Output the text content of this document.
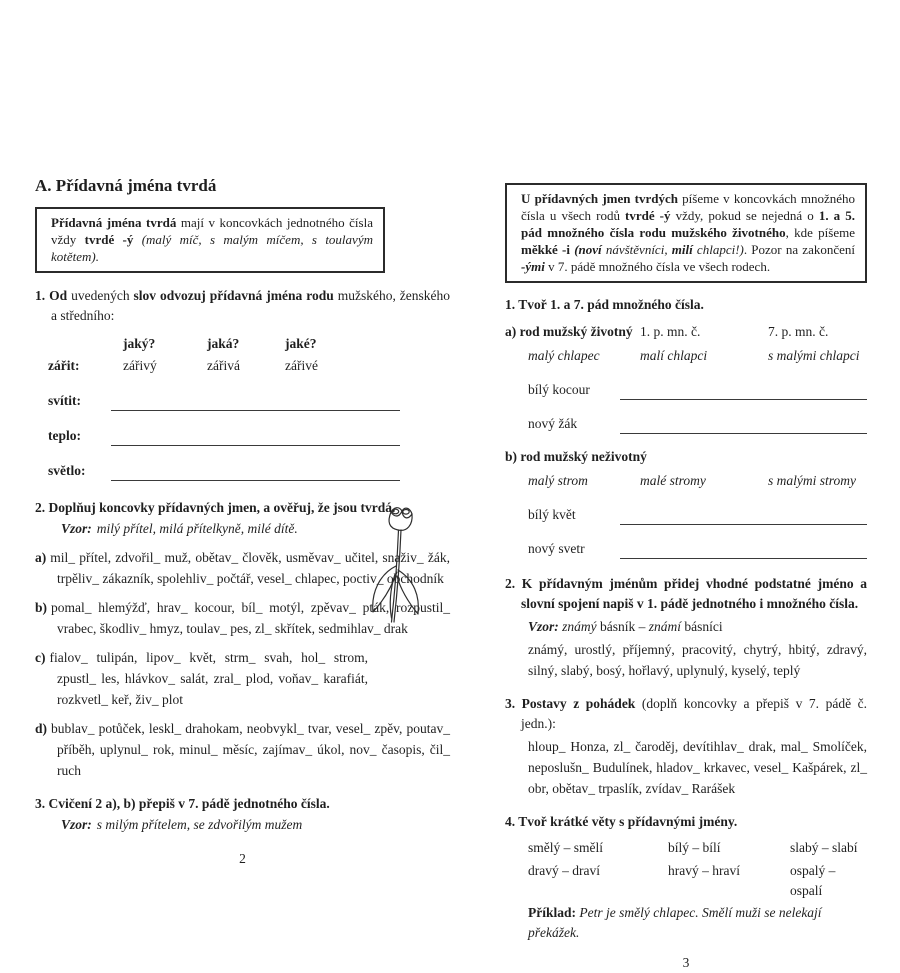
A. Přídavná jména tvrdá
Přídavná jména tvrdá mají v koncovkách jednotného čísla vždy tvrdé -ý (malý míč, s malým míčem, s toulavým kotětem).
1. Od uvedených slov odvozuj přídavná jména rodu mužského, ženského a středního:
jaký?	jaká?	jaké?
zářit:	zářivý	zářivá	zářivé
svítit:
teplo:
světlo:
2. Doplňuj koncovky přídavných jmen, a ověřuj, že jsou tvrdá.
Vzor: milý přítel, milá přítelkyně, milé dítě.
a) mil_ přítel, zdvořil_ muž, obětav_ člověk, usměvav_ učitel, snaživ_ žák, trpěliv_ zákazník, spolehliv_ počtář, vesel_ chlapec, poctiv_ obchodník
b) pomal_ hlemýžď, hrav_ kocour, bíl_ motýl, zpěvav_ pták, rozpustil_ vrabec, škodliv_ hmyz, toulav_ pes, zl_ skřítek, sedmihlav_ drak
c) fialov_ tulipán, lipov_ květ, strm_ svah, hol_ strom, zpustl_ les, hlávkov_ salát, zral_ plod, voňav_ karafiát, rozkvetl_ keř, živ_ plot
d) bublav_ potůček, leskl_ drahokam, neobvykl_ tvar, vesel_ zpěv, poutav_ příběh, uplynul_ rok, minul_ měsíc, zajímav_ úkol, nov_ časopis, čil_ ruch
3. Cvičení 2 a), b) přepiš v 7. pádě jednotného čísla.
Vzor: s milým přítelem, se zdvořilým mužem
2
U přídavných jmen tvrdých píšeme v koncovkách množného čísla u všech rodů tvrdé -ý vždy, pokud se nejedná o 1. a 5. pád množného čísla rodu mužského životného, kde píšeme měkké -i (noví návštěvníci, milí chlapci!). Pozor na zakončení -ými v 7. pádě množného čísla ve všech rodech.
1. Tvoř 1. a 7. pád množného čísla.
a) rod mužský životný 1. p. mn. č.	7. p. mn. č.
malý chlapec	malí chlapci	s malými chlapci
bílý kocour
nový žák
b) rod mužský neživotný
malý strom	malé stromy	s malými stromy
bílý květ
nový svetr
2. K přídavným jménům přidej vhodné podstatné jméno a slovní spojení napiš v 1. pádě jednotného i množného čísla.
Vzor: známý básník – známí básníci
známý, urostlý, příjemný, pracovitý, chytrý, hbitý, zdravý, silný, slabý, bosý, hořlavý, uplynulý, kyselý, teplý
3. Postavy z pohádek (doplň koncovky a přepiš v 7. pádě č. jedn.):
hloup_ Honza, zl_ čaroděj, devítihlav_ drak, mal_ Smolíček, neposlušn_ Budulínek, hladov_ krkavec, vesel_ Kašpárek, zl_ obr, obětav_ trpaslík, zvídav_ Rarášek
4. Tvoř krátké věty s přídavnými jmény.
smělý – smělí	bílý – bílí	slabý – slabí
dravý – draví	hravý – hraví	ospalý – ospalí
Příklad: Petr je smělý chlapec. Smělí muži se nelekají překážek.
3
